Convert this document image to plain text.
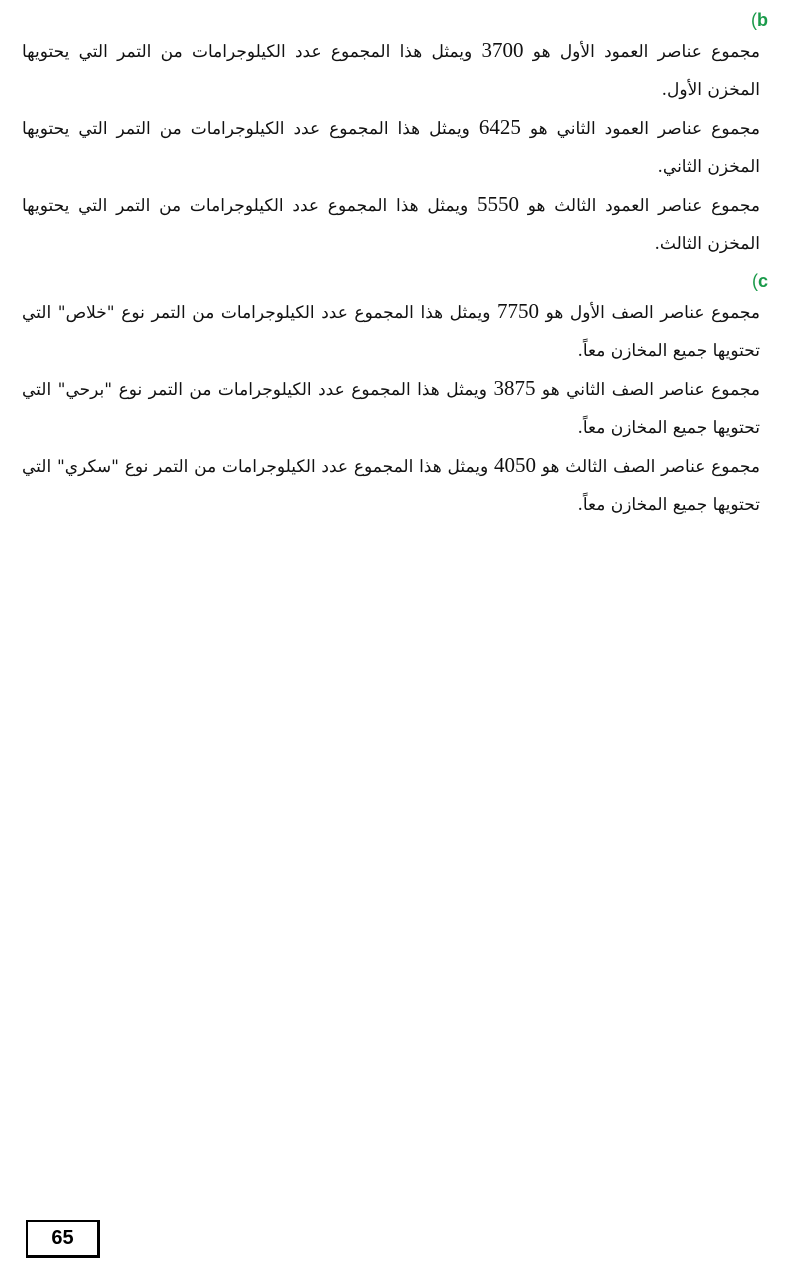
(b

مجموع عناصر العمود الأول هو 3700 ويمثل هذا المجموع عدد الكيلوجرامات من التمر التي يحتويها المخزن الأول.

مجموع عناصر العمود الثاني هو 6425 ويمثل هذا المجموع عدد الكيلوجرامات من التمر التي يحتويها المخزن الثاني.

مجموع عناصر العمود الثالث هو 5550 ويمثل هذا المجموع عدد الكيلوجرامات من التمر التي يحتويها المخزن الثالث.

(c

مجموع عناصر الصف الأول هو 7750 ويمثل هذا المجموع عدد الكيلوجرامات من التمر نوع "خلاص" التي تحتويها جميع المخازن معاً.

مجموع عناصر الصف الثاني هو 3875 ويمثل هذا المجموع عدد الكيلوجرامات من التمر نوع "برحي" التي تحتويها جميع المخازن معاً.

مجموع عناصر الصف الثالث هو 4050 ويمثل هذا المجموع عدد الكيلوجرامات من التمر نوع "سكري" التي تحتويها جميع المخازن معاً.

65
